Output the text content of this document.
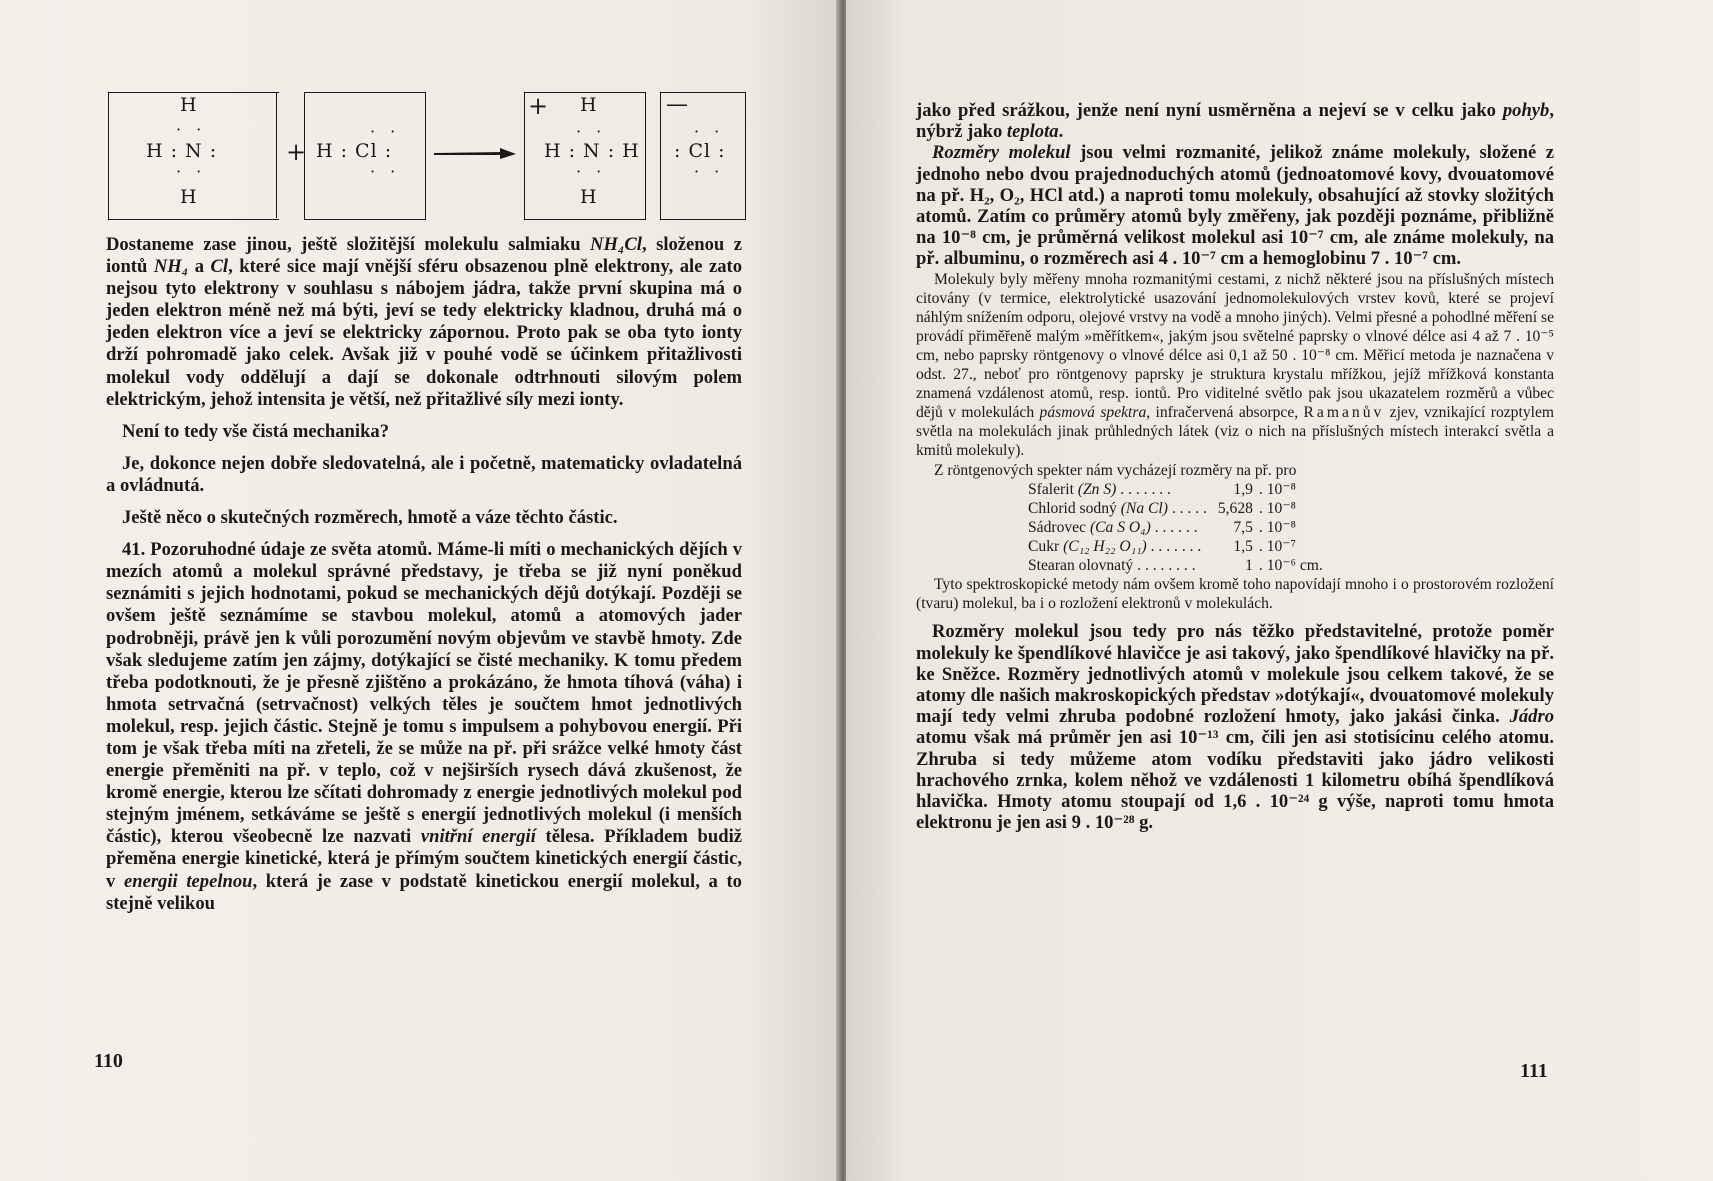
H
· ·
H : N :
· ·
H
+
· ·
H : Cl :
· ·
+ H
· ·
H : N : H
· ·
H
—
· ·
: Cl :
· ·

Dostaneme zase jinou, ještě složitější molekulu salmiaku NH₄Cl, složenou z iontů NH₄ a Cl, které sice mají vnější sféru obsazenou plně elektrony, ale zato nejsou tyto elektrony v souhlasu s nábojem jádra, takže první skupina má o jeden elektron méně než má býti, jeví se tedy elektricky kladnou, druhá má o jeden elektron více a jeví se elektricky zápornou. Proto pak se oba tyto ionty drží pohromadě jako celek. Avšak již v pouhé vodě se účinkem přitažlivosti molekul vody oddělují a dají se dokonale odtrhnouti silovým polem elektrickým, jehož intensita je větší, než přitažlivé síly mezi ionty.

Není to tedy vše čistá mechanika?

Je, dokonce nejen dobře sledovatelná, ale i početně, matematicky ovladatelná a ovládnutá.

Ještě něco o skutečných rozměrech, hmotě a váze těchto částic.

41. Pozoruhodné údaje ze světa atomů. Máme-li míti o mechanických dějích v mezích atomů a molekul správné představy, je třeba se již nyní poněkud seznámiti s jejich hodnotami, pokud se mechanických dějů dotýkají. Později se ovšem ještě seznámíme se stavbou molekul, atomů a atomových jader podrobněji, právě jen k vůli porozumění novým objevům ve stavbě hmoty. Zde však sledujeme zatím jen zájmy, dotýkající se čisté mechaniky. K tomu předem třeba podotknouti, že je přesně zjištěno a prokázáno, že hmota tíhová (váha) i hmota setrvačná (setrvačnost) velkých těles je součtem hmot jednotlivých molekul, resp. jejich částic. Stejně je tomu s impulsem a pohybovou energií. Při tom je však třeba míti na zřeteli, že se může na př. při srážce velké hmoty část energie přeměniti na př. v teplo, což v nejširších rysech dává zkušenost, že kromě energie, kterou lze sčítati dohromady z energie jednotlivých molekul pod stejným jménem, setkáváme se ještě s energií jednotlivých molekul (i menších částic), kterou všeobecně lze nazvati vnitřní energií tělesa. Příkladem budiž přeměna energie kinetické, která je přímým součtem kinetických energií částic, v energii tepelnou, která je zase v podstatě kinetickou energií molekul, a to stejně velikou

110

jako před srážkou, jenže není nyní usměrněna a nejeví se v celku jako pohyb, nýbrž jako teplota.

Rozměry molekul jsou velmi rozmanité, jelikož známe molekuly, složené z jednoho nebo dvou prajednoduchých atomů (jednoatomové kovy, dvouatomové na př. H₂, O₂, HCl atd.) a naproti tomu molekuly, obsahující až stovky složitých atomů. Zatím co průměry atomů byly změřeny, jak později poznáme, přibližně na 10⁻⁸ cm, je průměrná velikost molekul asi 10⁻⁷ cm, ale známe molekuly, na př. albuminu, o rozměrech asi 4 . 10⁻⁷ cm a hemoglobinu 7 . 10⁻⁷ cm.

Molekuly byly měřeny mnoha rozmanitými cestami, z nichž některé jsou na příslušných místech citovány (v termice, elektrolytické usazování jednomolekulových vrstev kovů, které se projeví náhlým snížením odporu, olejové vrstvy na vodě a mnoho jiných). Velmi přesné a pohodlné měření se provádí přiměřeně malým »měřítkem«, jakým jsou světelné paprsky o vlnové délce asi 4 až 7 . 10⁻⁵ cm, nebo paprsky röntgenovy o vlnové délce asi 0,1 až 50 . 10⁻⁸ cm. Měřicí metoda je naznačena v odst. 27., neboť pro röntgenovy paprsky je struktura krystalu mřížkou, jejíž mřížková konstanta znamená vzdálenost atomů, resp. iontů. Pro viditelné světlo pak jsou ukazatelem rozměrů a vůbec dějů v molekulách pásmová spektra, infračervená absorpce, Ramanův zjev, vznikající rozptylem světla na molekulách jinak průhledných látek (viz o nich na příslušných místech interakcí světla a kmitů molekuly).

Z röntgenových spekter nám vycházejí rozměry na př. pro

Sfalerit (Zn S) . . . . . . .	1,9	. 10⁻⁸
Chlorid sodný (Na Cl) . . . . .	5,628	. 10⁻⁸
Sádrovec (Ca S O₄) . . . . . .	7,5	. 10⁻⁸
Cukr (C₁₂ H₂₂ O₁₁) . . . . . . .	1,5	. 10⁻⁷
Stearan olovnatý . . . . . . . .	1	. 10⁻⁶ cm.

Tyto spektroskopické metody nám ovšem kromě toho napovídají mnoho i o prostorovém rozložení (tvaru) molekul, ba i o rozložení elektronů v molekulách.

Rozměry molekul jsou tedy pro nás těžko představitelné, protože poměr molekuly ke špendlíkové hlavičce je asi takový, jako špendlíkové hlavičky na př. ke Sněžce. Rozměry jednotlivých atomů v molekule jsou celkem takové, že se atomy dle našich makroskopických představ »dotýkají«, dvouatomové molekuly mají tedy velmi zhruba podobné rozložení hmoty, jako jakási činka. Jádro atomu však má průměr jen asi 10⁻¹³ cm, čili jen asi stotisícinu celého atomu. Zhruba si tedy můžeme atom vodíku představiti jako jádro velikosti hrachového zrnka, kolem něhož ve vzdálenosti 1 kilometru obíhá špendlíková hlavička. Hmoty atomu stoupají od 1,6 . 10⁻²⁴ g výše, naproti tomu hmota elektronu je jen asi 9 . 10⁻²⁸ g.

111
